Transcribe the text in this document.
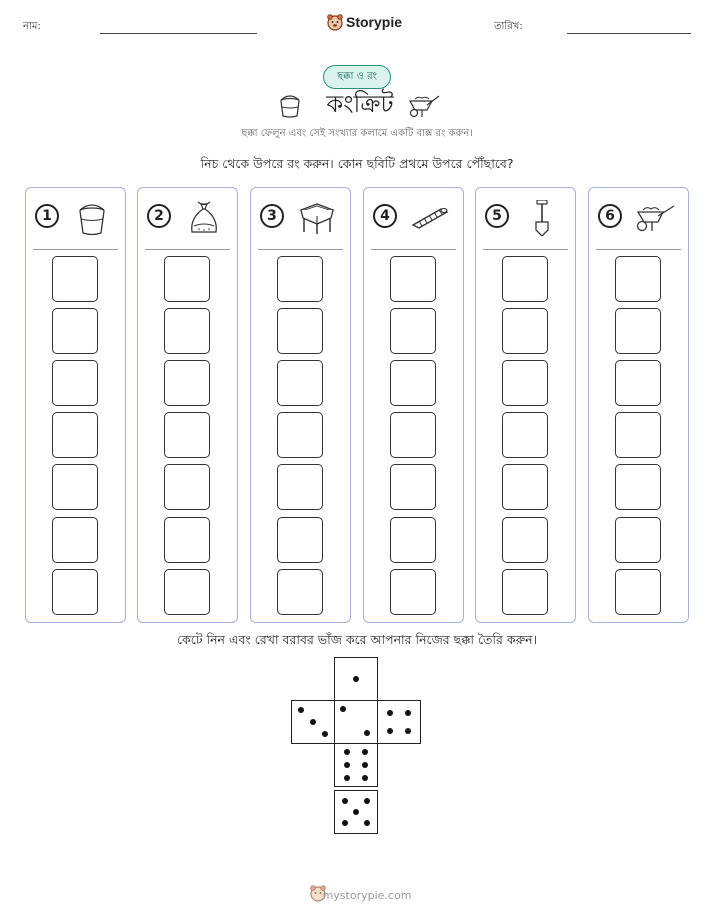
নাম:	Storypie	তারিখ:
ছক্কা ও রং
কংক্রিট
ছক্কা ফেলুন এবং সেই সংখ্যার কলামে একটি বাক্স রং করুন।
নিচ থেকে উপরে রং করুন। কোন ছবিটি প্রথমে উপরে পৌঁছাবে?
1	2	3	4	5	6
কেটে নিন এবং রেখা বরাবর ভাঁজ করে আপনার নিজের ছক্কা তৈরি করুন।
mystorypie.com
